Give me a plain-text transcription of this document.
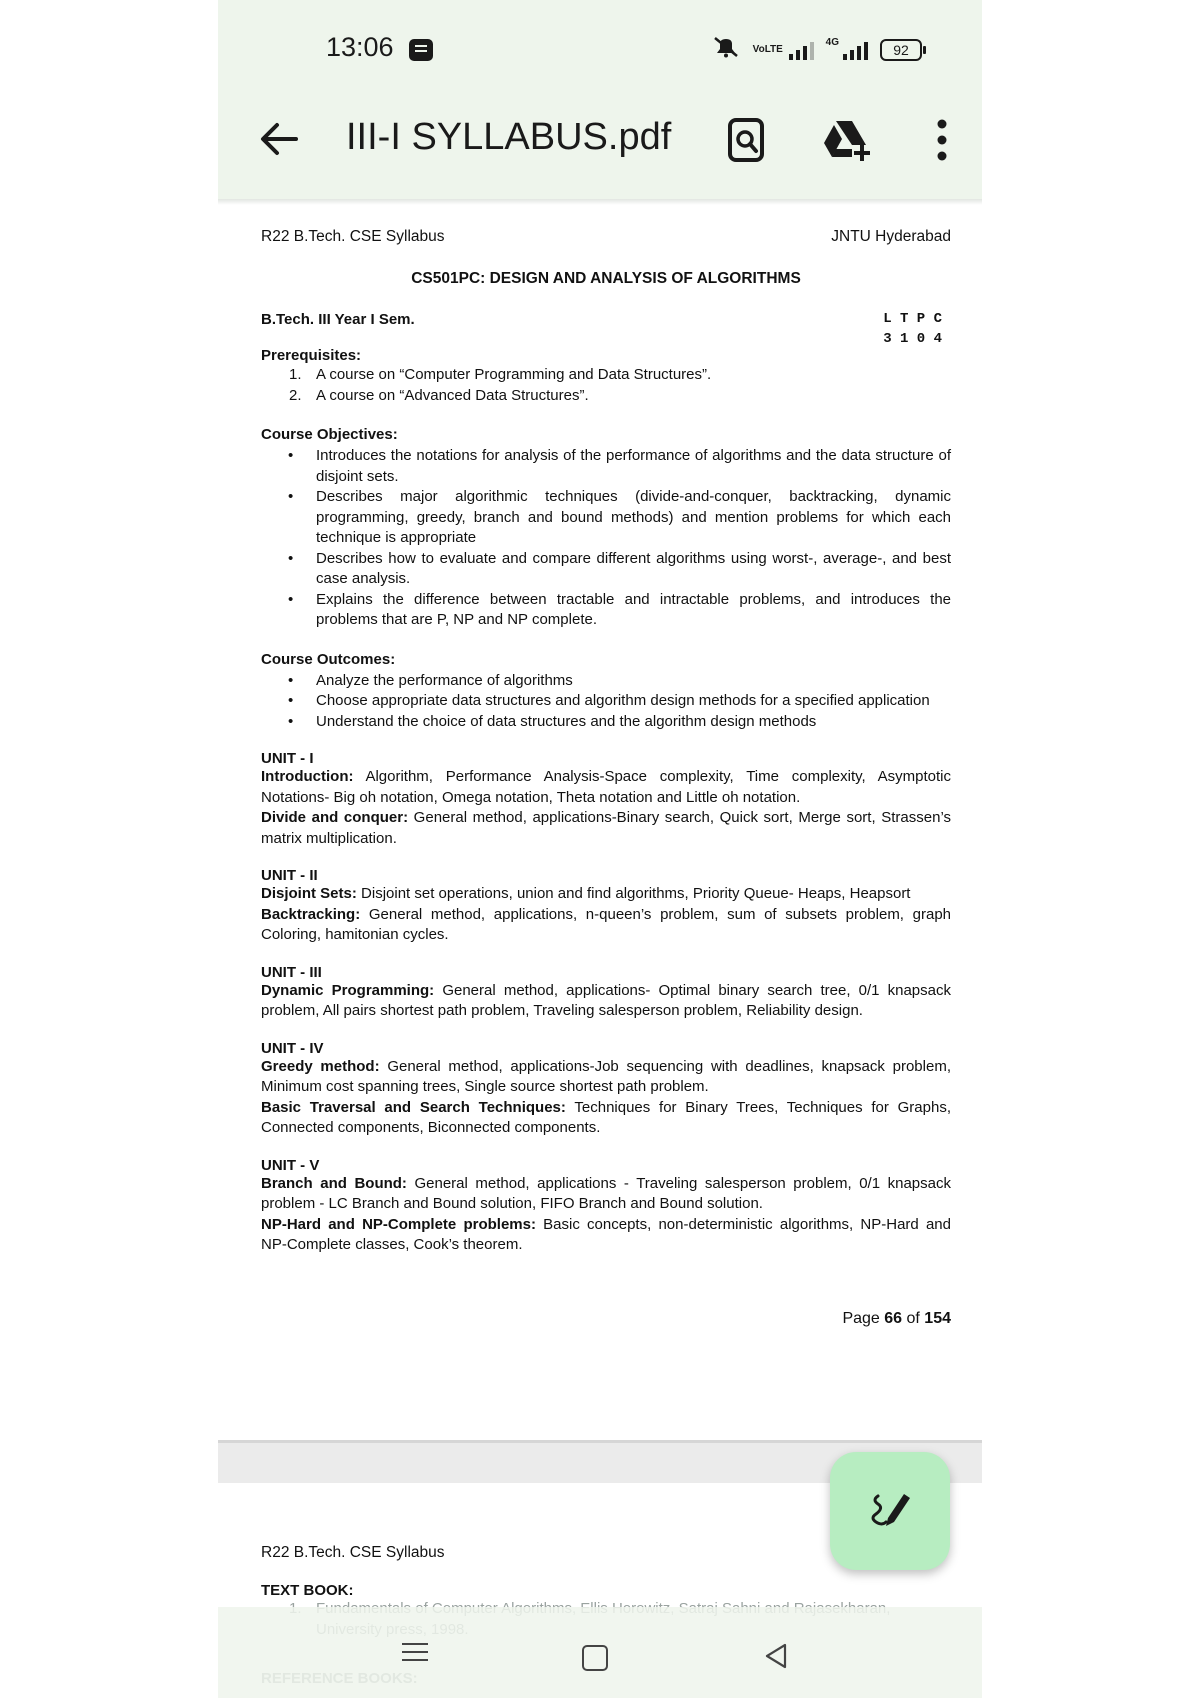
13:06	VoLTE
4G	92
III-I SYLLABUS.pdf
R22 B.Tech. CSE Syllabus	JNTU Hyderabad
CS501PC: DESIGN AND ANALYSIS OF ALGORITHMS
B.Tech. III Year I Sem.	L T P C
3 1 0 4
Prerequisites:
1. A course on “Computer Programming and Data Structures”.
2. A course on “Advanced Data Structures”.
Course Objectives:
• Introduces the notations for analysis of the performance of algorithms and the data structure of disjoint sets.
• Describes major algorithmic techniques (divide-and-conquer, backtracking, dynamic programming, greedy, branch and bound methods) and mention problems for which each technique is appropriate
• Describes how to evaluate and compare different algorithms using worst-, average-, and best case analysis.
• Explains the difference between tractable and intractable problems, and introduces the problems that are P, NP and NP complete.
Course Outcomes:
• Analyze the performance of algorithms
• Choose appropriate data structures and algorithm design methods for a specified application
• Understand the choice of data structures and the algorithm design methods
UNIT - I
Introduction: Algorithm, Performance Analysis-Space complexity, Time complexity, Asymptotic Notations- Big oh notation, Omega notation, Theta notation and Little oh notation.
Divide and conquer: General method, applications-Binary search, Quick sort, Merge sort, Strassen’s matrix multiplication.
UNIT - II
Disjoint Sets: Disjoint set operations, union and find algorithms, Priority Queue- Heaps, Heapsort
Backtracking: General method, applications, n-queen’s problem, sum of subsets problem, graph Coloring, hamitonian cycles.
UNIT - III
Dynamic Programming: General method, applications- Optimal binary search tree, 0/1 knapsack problem, All pairs shortest path problem, Traveling salesperson problem, Reliability design.
UNIT - IV
Greedy method: General method, applications-Job sequencing with deadlines, knapsack problem, Minimum cost spanning trees, Single source shortest path problem.
Basic Traversal and Search Techniques: Techniques for Binary Trees, Techniques for Graphs, Connected components, Biconnected components.
UNIT - V
Branch and Bound: General method, applications - Traveling salesperson problem, 0/1 knapsack problem - LC Branch and Bound solution, FIFO Branch and Bound solution.
NP-Hard and NP-Complete problems: Basic concepts, non-deterministic algorithms, NP-Hard and NP-Complete classes, Cook’s theorem.
Page 66 of 154
R22 B.Tech. CSE Syllabus
TEXT BOOK:
